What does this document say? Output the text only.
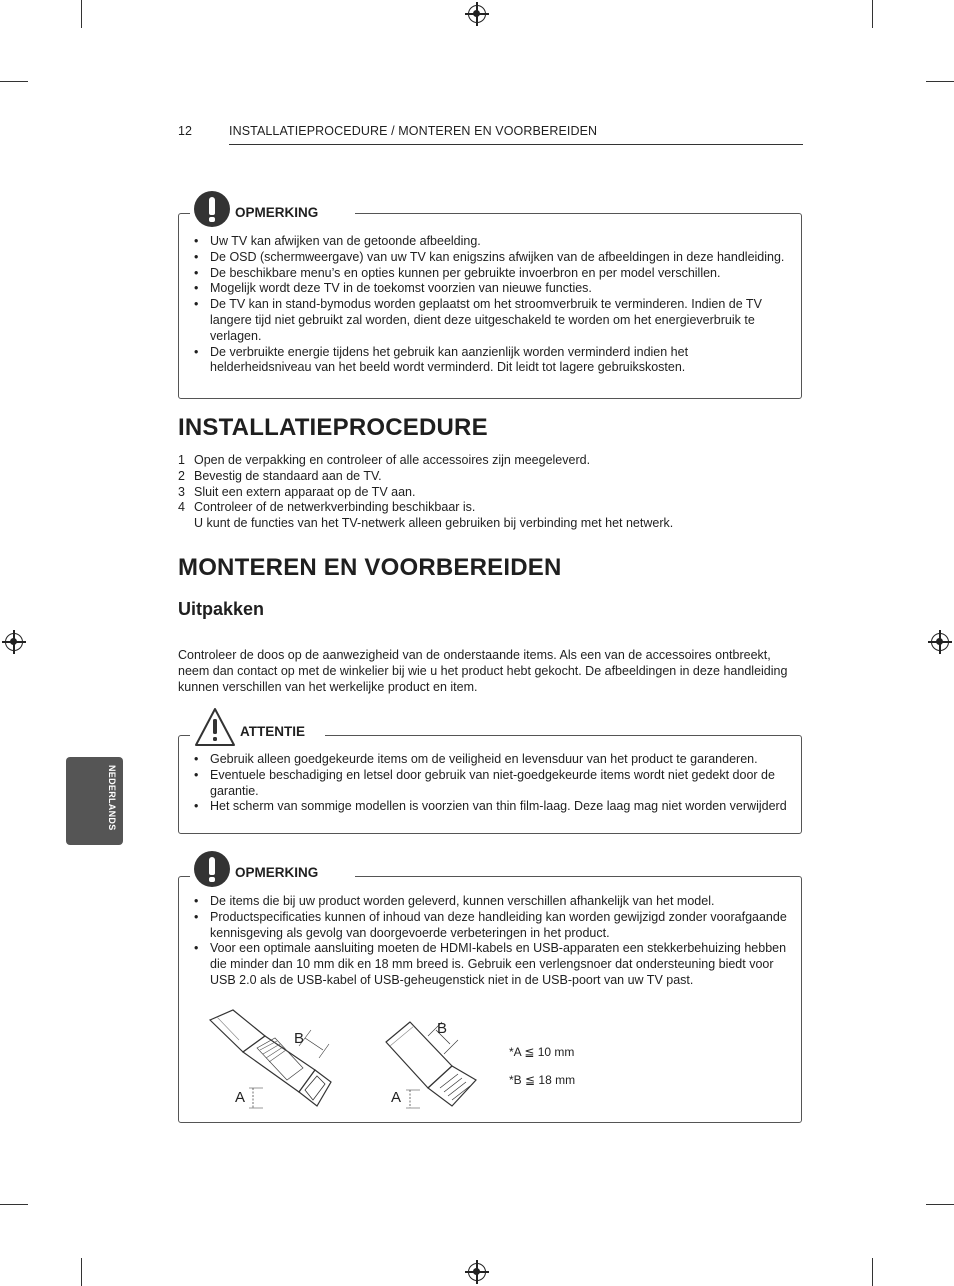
12	INSTALLATIEPROCEDURE / MONTEREN EN VOORBEREIDEN
• Uw TV kan afwijken van de getoonde afbeelding.
• De OSD (schermweergave) van uw TV kan enigszins afwijken van de afbeeldingen in deze handleiding.
• De beschikbare menu’s en opties kunnen per gebruikte invoerbron en per model verschillen.
• Mogelijk wordt deze TV in de toekomst voorzien van nieuwe functies.
• De TV kan in stand-bymodus worden geplaatst om het stroomverbruik te verminderen. Indien de TV langere tijd niet gebruikt zal worden, dient deze uitgeschakeld te worden om het energieverbruik te verlagen.
• De verbruikte energie tijdens het gebruik kan aanzienlijk worden verminderd indien het helderheidsniveau van het beeld wordt verminderd. Dit leidt tot lagere gebruikskosten.
OPMERKING
INSTALLATIEPROCEDURE
1 Open de verpakking en controleer of alle accessoires zijn meegeleverd.
2 Bevestig de standaard aan de TV.
3 Sluit een extern apparaat op de TV aan.
4 Controleer of de netwerkverbinding beschikbaar is.
U kunt de functies van het TV-netwerk alleen gebruiken bij verbinding met het netwerk.
MONTEREN EN VOORBEREIDEN
Uitpakken

Controleer de doos op de aanwezigheid van de onderstaande items. Als een van de accessoires ontbreekt, neem dan contact op met de winkelier bij wie u het product hebt gekocht. De afbeeldingen in deze handleiding kunnen verschillen van het werkelijke product en item.

• Gebruik alleen goedgekeurde items om de veiligheid en levensduur van het product te garanderen.
• Eventuele beschadiging en letsel door gebruik van niet-goedgekeurde items wordt niet gedekt door de garantie.
• Het scherm van sommige modellen is voorzien van thin film-laag. Deze laag mag niet worden verwijderd
ATTENTIE
• De items die bij uw product worden geleverd, kunnen verschillen afhankelijk van het model.
• Productspecificaties kunnen of inhoud van deze handleiding kan worden gewijzigd zonder voorafgaande kennisgeving als gevolg van doorgevoerde verbeteringen in het product.
• Voor een optimale aansluiting moeten de HDMI-kabels en USB-apparaten een stekkerbehuizing hebben die minder dan 10 mm dik en 18 mm breed is. Gebruik een verlengsnoer dat ondersteuning biedt voor USB 2.0 als de USB-kabel of USB-geheugenstick niet in de USB-poort van uw TV past.
OPMERKING
B
A
B
A
*A ≦ 10 mm
*B ≦ 18 mm
NEDERLANDS
